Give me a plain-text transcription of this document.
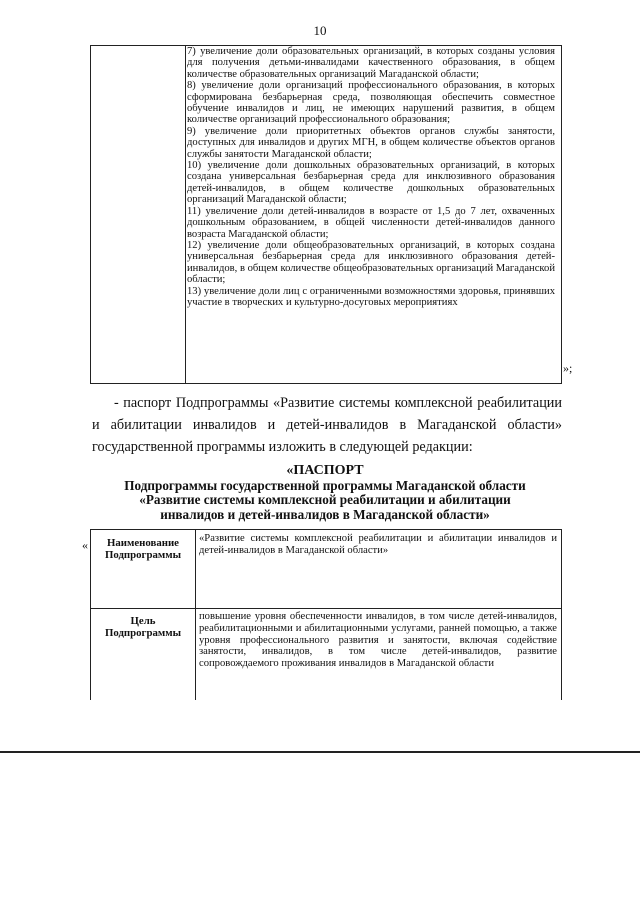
10

7) увеличение доли образовательных организаций, в которых созданы условия для получения детьми-инвалидами качественного образования, в общем количестве образовательных организаций Магаданской области;

8) увеличение доли организаций профессионального образования, в которых сформирована безбарьерная среда, позволяющая обеспечить совместное обучение инвалидов и лиц, не имеющих нарушений развития, в общем количестве организаций профессионального образования;

9) увеличение доли приоритетных объектов органов службы занятости, доступных для инвалидов и других МГН, в общем количестве объектов органов службы занятости Магаданской области;

10) увеличение доли дошкольных образовательных организаций, в которых создана универсальная безбарьерная среда для инклюзивного образования детей-инвалидов, в общем количестве дошкольных образовательных организаций Магаданской области;

11) увеличение доли детей-инвалидов в возрасте от 1,5 до 7 лет, охваченных дошкольным образованием, в общей численности детей-инвалидов данного возраста Магаданской области;

12) увеличение доли общеобразовательных организаций, в которых создана универсальная безбарьерная среда для инклюзивного образования детей-инвалидов, в общем количестве общеобразовательных организаций Магаданской области;

13) увеличение доли лиц с ограниченными возможностями здоровья, принявших участие в творческих и культурно-досуговых мероприятиях

»;
- паспорт Подпрограммы «Развитие системы комплексной реабилитации и абилитации инвалидов и детей-инвалидов в Магаданской области» государственной программы изложить в следующей редакции:
«ПАСПОРТ
Подпрограммы государственной программы Магаданской области
«Развитие системы комплексной реабилитации и абилитации
инвалидов и детей-инвалидов в Магаданской области»
«	Наименование
Подпрограммы
«Развитие системы комплексной реабилитации и абилитации инвалидов и детей-инвалидов в Магаданской области»
Цель
Подпрограммы
повышение уровня обеспеченности инвалидов, в том числе детей-инвалидов, реабилитационными и абилитационными услугами, ранней помощью, а также уровня профессионального развития и занятости, включая содействие занятости, инвалидов, в том числе детей-инвалидов, развитие сопровождаемого проживания инвалидов в Магаданской области
